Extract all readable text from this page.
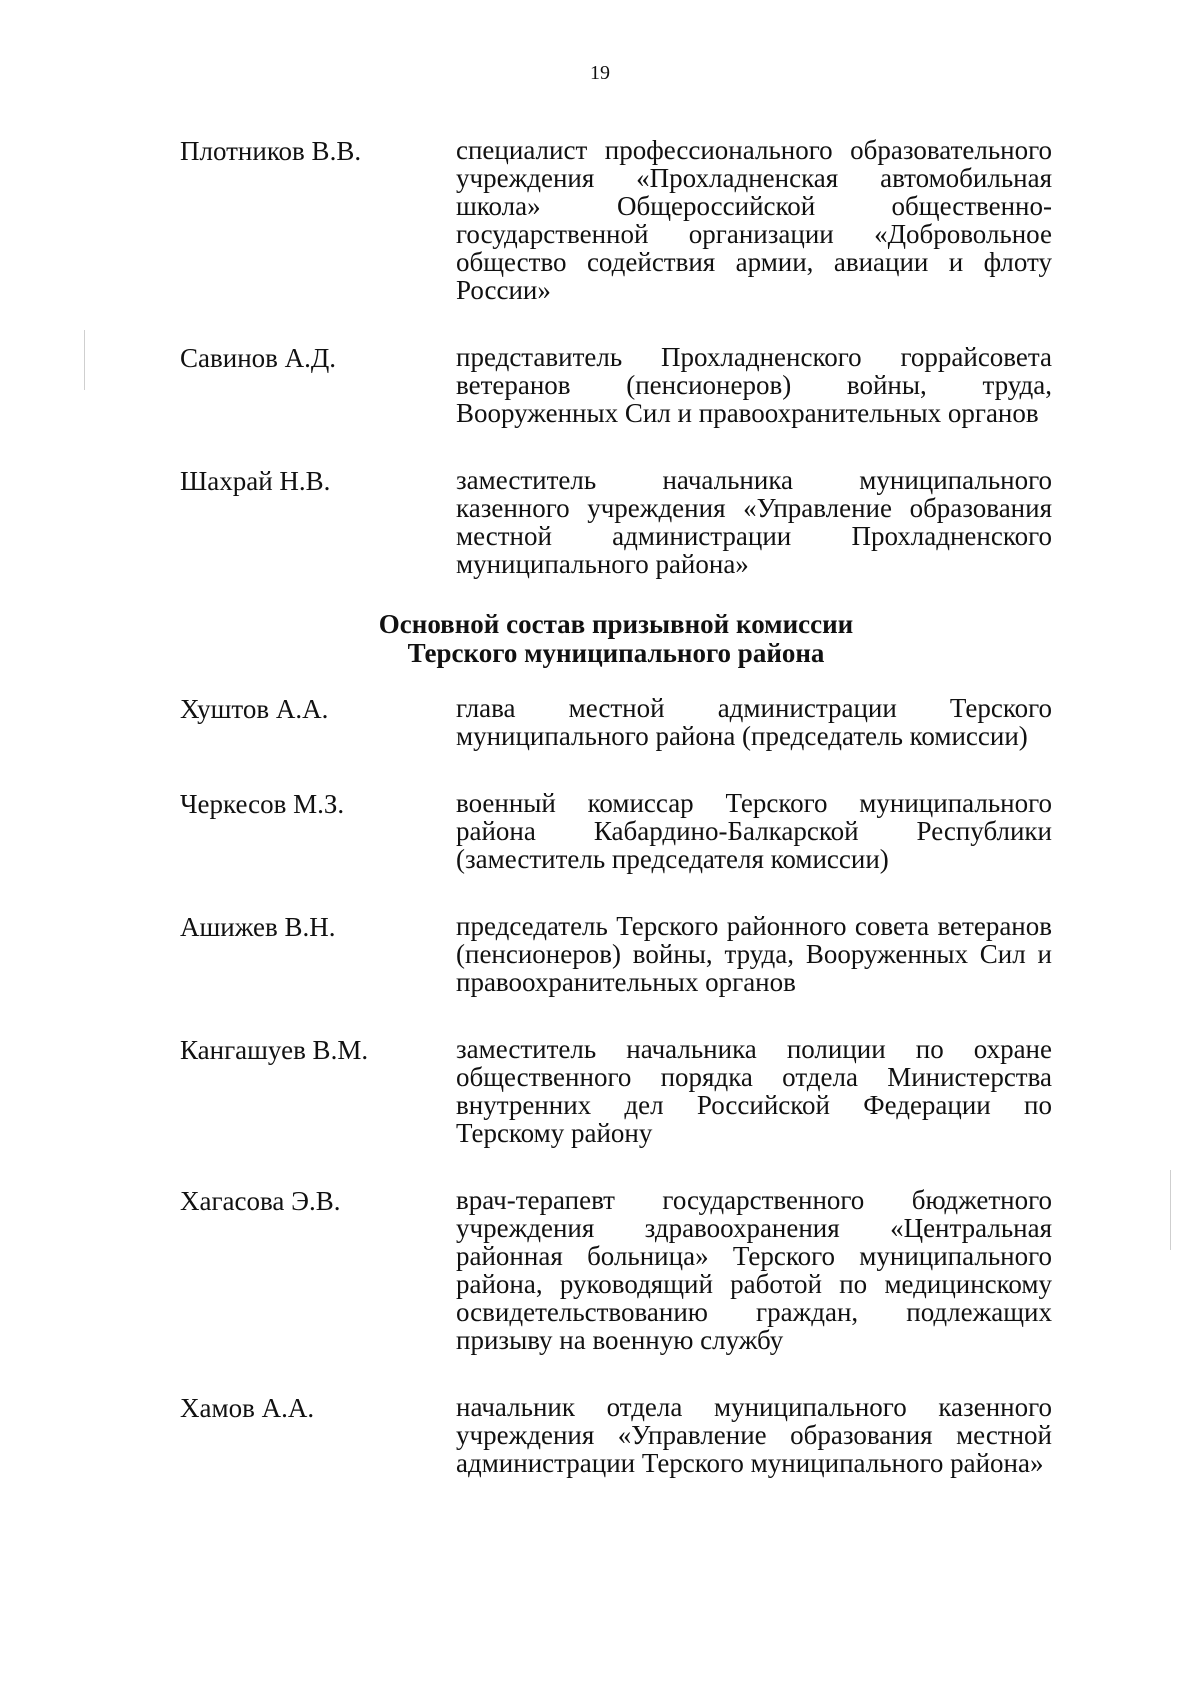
19
Плотников В.В.	специалист профессионального образовательного учреждения «Прохладненская автомобильная школа» Общероссийской общественно-государственной организации «Добровольное общество содействия армии, авиации и флоту России»
Савинов А.Д.	представитель Прохладненского горрайсовета ветеранов (пенсионеров) войны, труда, Вооруженных Сил и правоохранительных органов
Шахрай Н.В.	заместитель начальника муниципального казенного учреждения «Управление образования местной администрации Прохладненского муниципального района»
Основной состав призывной комиссии
Терского муниципального района
Хуштов А.А.	глава местной администрации Терского муниципального района (председатель комиссии)
Черкесов М.З.	военный комиссар Терского муниципального района Кабардино-Балкарской Республики (заместитель председателя комиссии)
Ашижев В.Н.	председатель Терского районного совета ветеранов (пенсионеров) войны, труда, Вооруженных Сил и правоохранительных органов
Кангашуев В.М.	заместитель начальника полиции по охране общественного порядка отдела Министерства внутренних дел Российской Федерации по Терскому району
Хагасова Э.В.	врач-терапевт государственного бюджетного учреждения здравоохранения «Центральная районная больница» Терского муниципального района, руководящий работой по медицинскому освидетельствованию граждан, подлежащих призыву на военную службу
Хамов А.А.	начальник отдела муниципального казенного учреждения «Управление образования местной администрации Терского муниципального района»
